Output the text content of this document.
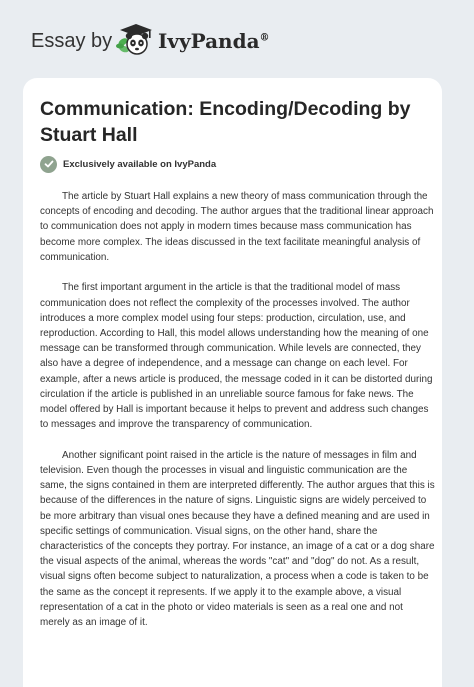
Essay by IvyPanda®
Communication: Encoding/Decoding by Stuart Hall
Exclusively available on IvyPanda

The article by Stuart Hall explains a new theory of mass communication through the concepts of encoding and decoding. The author argues that the traditional linear approach to communication does not apply in modern times because mass communication has become more complex. The ideas discussed in the text facilitate meaningful analysis of communication.

The first important argument in the article is that the traditional model of mass communication does not reflect the complexity of the processes involved. The author introduces a more complex model using four steps: production, circulation, use, and reproduction. According to Hall, this model allows understanding how the meaning of one message can be transformed through communication. While levels are connected, they also have a degree of independence, and a message can change on each level. For example, after a news article is produced, the message coded in it can be distorted during circulation if the article is published in an unreliable source famous for fake news. The model offered by Hall is important because it helps to prevent and address such changes to messages and improve the transparency of communication.

Another significant point raised in the article is the nature of messages in film and television. Even though the processes in visual and linguistic communication are the same, the signs contained in them are interpreted differently. The author argues that this is because of the differences in the nature of signs. Linguistic signs are widely perceived to be more arbitrary than visual ones because they have a defined meaning and are used in specific settings of communication. Visual signs, on the other hand, share the characteristics of the concepts they portray. For instance, an image of a cat or a dog share the visual aspects of the animal, whereas the words "cat" and "dog" do not. As a result, visual signs often become subject to naturalization, a process when a code is taken to be the same as the concept it represents. If we apply it to the example above, a visual representation of a cat in the photo or video materials is seen as a real one and not merely as an image of it.
